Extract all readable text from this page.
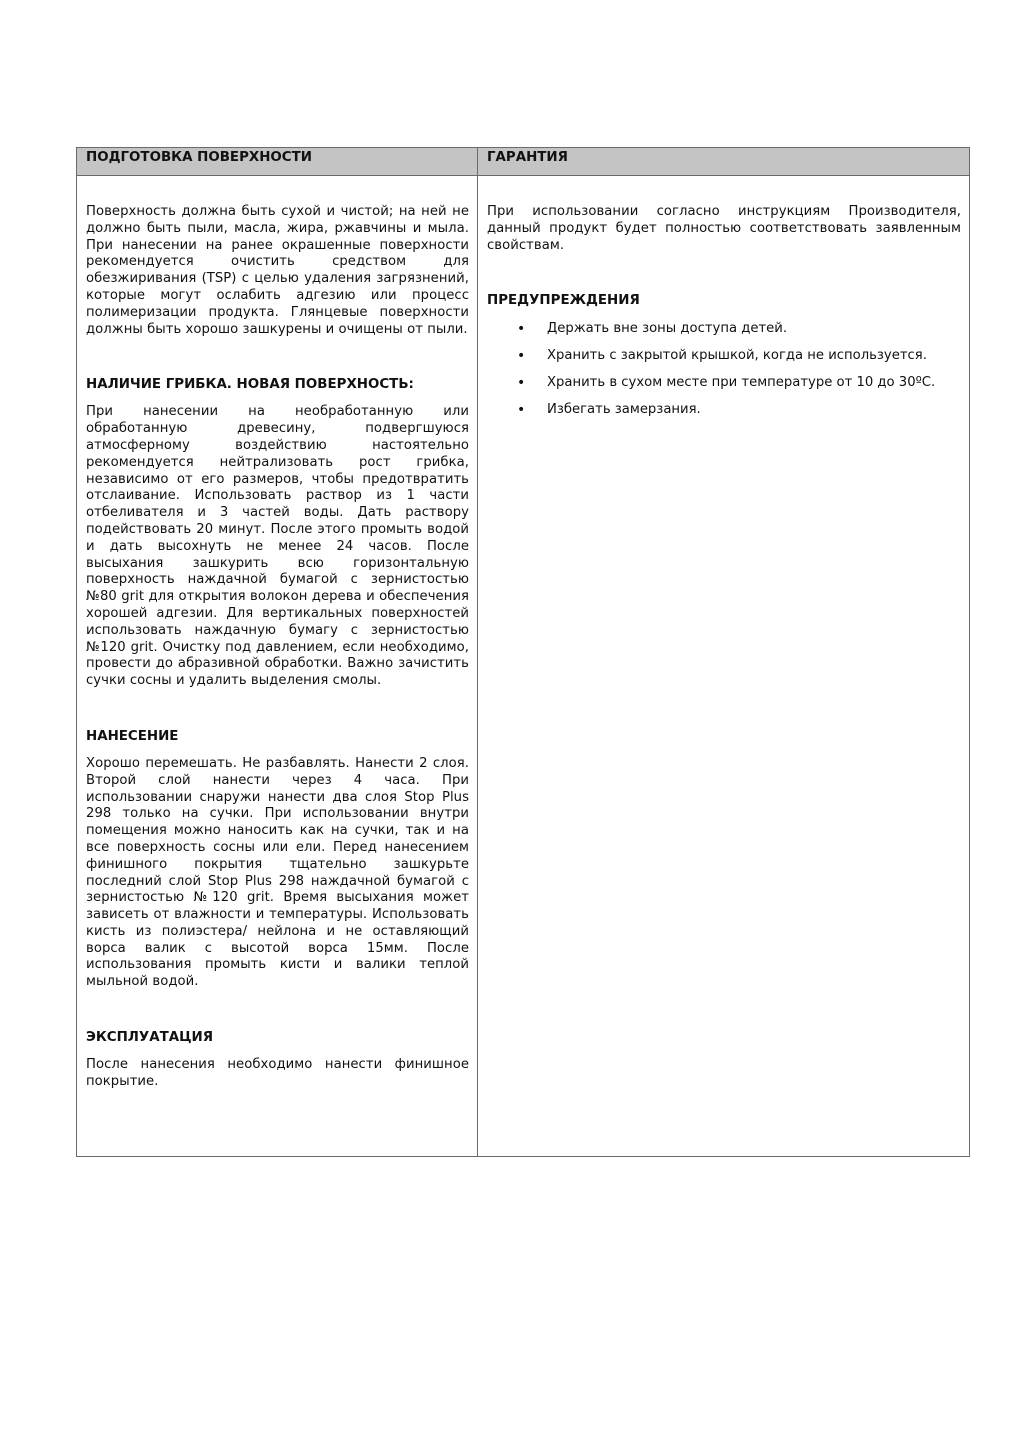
ПОДГОТОВКА ПОВЕРХНОСТИ	ГАРАНТИЯ

Поверхность должна быть сухой и чистой; на ней не должно быть пыли, масла, жира, ржавчины и мыла. При нанесении на ранее окрашенные поверхности рекомендуется очистить средством для обезжиривания (TSP) с целью удаления загрязнений, которые могут ослабить адгезию или процесс полимеризации продукта. Глянцевые поверхности должны быть хорошо зашкурены и очищены от пыли.

НАЛИЧИЕ ГРИБКА. НОВАЯ ПОВЕРХНОСТЬ:

При нанесении на необработанную или обработанную древесину, подвергшуюся атмосферному воздействию настоятельно рекомендуется нейтрализовать рост грибка, независимо от его размеров, чтобы предотвратить отслаивание. Использовать раствор из 1 части отбеливателя и 3 частей воды. Дать раствору подействовать 20 минут. После этого промыть водой и дать высохнуть не менее 24 часов. После высыхания зашкурить всю горизонтальную поверхность наждачной бумагой с зернистостью №80 grit для открытия волокон дерева и обеспечения хорошей адгезии. Для вертикальных поверхностей использовать наждачную бумагу с зернистостью №120 grit. Очистку под давлением, если необходимо, провести до абразивной обработки. Важно зачистить сучки сосны и удалить выделения смолы.

НАНЕСЕНИЕ

Хорошо перемешать. Не разбавлять. Нанести 2 слоя. Второй слой нанести через 4 часа. При использовании снаружи нанести два слоя Stop Plus 298 только на сучки. При использовании внутри помещения можно наносить как на сучки, так и на все поверхность сосны или ели. Перед нанесением финишного покрытия тщательно зашкурьте последний слой Stop Plus 298 наждачной бумагой с зернистостью №120 grit. Время высыхания может зависеть от влажности и температуры. Использовать кисть из полиэстера/ нейлона и не оставляющий ворса валик с высотой ворса 15мм. После использования промыть кисти и валики теплой мыльной водой.

ЭКСПЛУАТАЦИЯ

После нанесения необходимо нанести финишное покрытие.

При использовании согласно инструкциям Производителя, данный продукт будет полностью соответствовать заявленным свойствам.

ПРЕДУПРЕЖДЕНИЯ
• Держать вне зоны доступа детей.
• Хранить с закрытой крышкой, когда не используется.
• Хранить в сухом месте при температуре от 10 до 30ºC.
• Избегать замерзания.
